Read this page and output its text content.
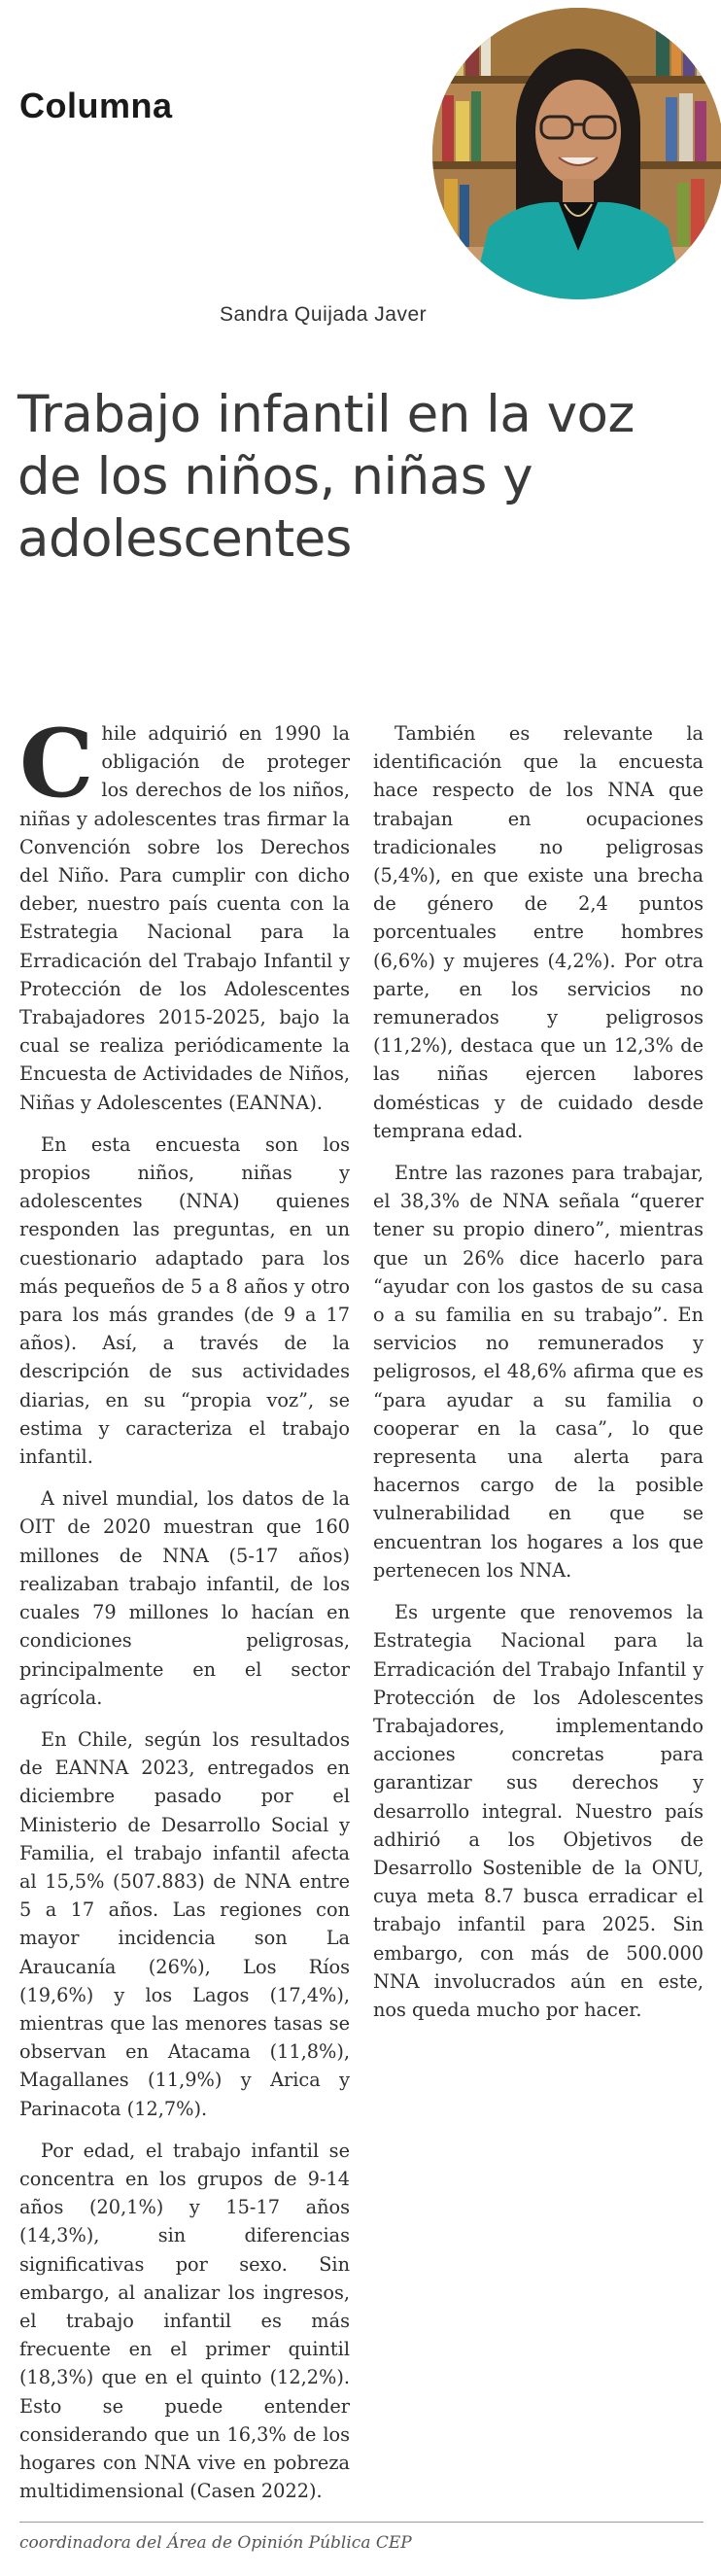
Columna
Sandra Quijada Javer
Trabajo infantil en la voz de los niños, niñas y adolescentes

Chile adquirió en 1990 la obligación de proteger los derechos de los niños, niñas y adolescentes tras firmar la Convención sobre los Derechos del Niño. Para cumplir con dicho deber, nuestro país cuenta con la Estrategia Nacional para la Erradicación del Trabajo Infantil y Protección de los Adolescentes Trabajadores 2015-2025, bajo la cual se realiza periódicamente la Encuesta de Actividades de Niños, Niñas y Adolescentes (EANNA).

En esta encuesta son los propios niños, niñas y adolescentes (NNA) quienes responden las preguntas, en un cuestionario adaptado para los más pequeños de 5 a 8 años y otro para los más grandes (de 9 a 17 años). Así, a través de la descripción de sus actividades diarias, en su “propia voz”, se estima y caracteriza el trabajo infantil.

A nivel mundial, los datos de la OIT de 2020 muestran que 160 millones de NNA (5-17 años) realizaban trabajo infantil, de los cuales 79 millones lo hacían en condiciones peligrosas, principalmente en el sector agrícola.

En Chile, según los resultados de EANNA 2023, entregados en diciembre pasado por el Ministerio de Desarrollo Social y Familia, el trabajo infantil afecta al 15,5% (507.883) de NNA entre 5 a 17 años. Las regiones con mayor incidencia son La Araucanía (26%), Los Ríos (19,6%) y los Lagos (17,4%), mientras que las menores tasas se observan en Atacama (11,8%), Magallanes (11,9%) y Arica y Parinacota (12,7%).

Por edad, el trabajo infantil se concentra en los grupos de 9-14 años (20,1%) y 15-17 años (14,3%), sin diferencias significativas por sexo. Sin embargo, al analizar los ingresos, el trabajo infantil es más frecuente en el primer quintil (18,3%) que en el quinto (12,2%). Esto se puede entender considerando que un 16,3% de los hogares con NNA vive en pobreza multidimensional (Casen 2022).

También es relevante la identificación que la encuesta hace respecto de los NNA que trabajan en ocupaciones tradicionales no peligrosas (5,4%), en que existe una brecha de género de 2,4 puntos porcentuales entre hombres (6,6%) y mujeres (4,2%). Por otra parte, en los servicios no remunerados y peligrosos (11,2%), destaca que un 12,3% de las niñas ejercen labores domésticas y de cuidado desde temprana edad.

Entre las razones para trabajar, el 38,3% de NNA señala “querer tener su propio dinero”, mientras que un 26% dice hacerlo para “ayudar con los gastos de su casa o a su familia en su trabajo”. En servicios no remunerados y peligrosos, el 48,6% afirma que es “para ayudar a su familia o cooperar en la casa”, lo que representa una alerta para hacernos cargo de la posible vulnerabilidad en que se encuentran los hogares a los que pertenecen los NNA.

Es urgente que renovemos la Estrategia Nacional para la Erradicación del Trabajo Infantil y Protección de los Adolescentes Trabajadores, implementando acciones concretas para garantizar sus derechos y desarrollo integral. Nuestro país adhirió a los Objetivos de Desarrollo Sostenible de la ONU, cuya meta 8.7 busca erradicar el trabajo infantil para 2025. Sin embargo, con más de 500.000 NNA involucrados aún en este, nos queda mucho por hacer.

coordinadora del Área de Opinión Pública CEP
